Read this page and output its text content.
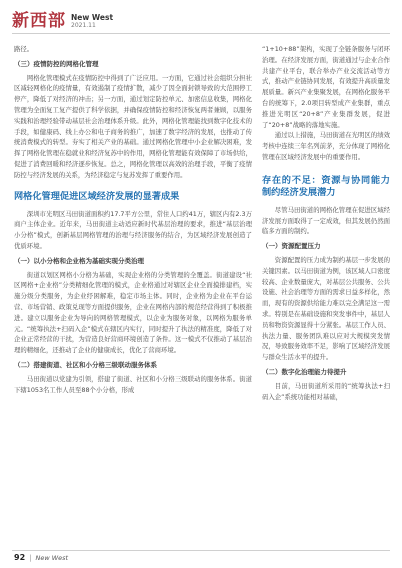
新西部 New West
2021.11

路径。

（三）疫情防控的网格化管理

网格化管理模式在疫情防控中得到了广泛应用。一方面，它通过社会组织分担社区减轻网格化的疫情量，有效遏制了疫情扩散，减少了因全面封锁导致的大范围停工停产，降低了对经济的冲击；另一方面，通过划定防控单元、加密信息收集，网格化管理为全面复工复产提供了科学依据，并确保疫情防控和经济恢复两者兼顾，以服务实践和治理经验带动基层社会治理体系升级。此外，网格化管理能找到数字化技术的手段，如健康码、线上办公和电子商务的推广，加速了数字经济的发展，也推动了传统消费模式的转型。夯实了相关产业的基础。通过网格化管理中小企业解决困难，发挥了网格化管理在稳就业和经济复苏中的作用，网格化管理能有效保障了市场供给，促进了消费回暖和经济逐步恢复。总之，网格化管理以高效的治理手段，平衡了疫情防控与经济发展的关系，为经济稳定与复苏发挥了重要作用。

网格化管理促进区域经济发展的显著成果

深圳市光明区马田街道面积约17.7平方公里，常住人口约41万，辖区内有2.3万商户主体企业。近年来，马田街道主动适应新时代基层治理的要求，推进“基层治理小分格”模式，创新基层网格管理的治理与经济服务的结合，为区域经济发展创造了优质环境。

（一）以小分格和企业格为基础实现分类治理

街道以划区网格小分格为基础，实现企业格的分类管理的全覆盖。街道建设“社区网格+企业格”分类精细化管理的模式，企业格通过对辖区企业全面摸排建档，实施分级分类服务，为企业纾困解难，稳定市场主体。同时，企业格为企业在平台运营、市场营销、政策兑现等方面提供服务，企业在网格内部的规范经营得到了积极推进。建立以服务企业为导向的网格管理模式，以企业为服务对象，以网格为服务单元。“统筹执法+扫码入企”模式在辖区内实行，同时提升了执法的精准度，降低了对企业正常经营的干扰，为营造良好营商环境创造了条件。这一模式不仅推动了基层治理的精细化，还推动了企业的健康成长，优化了营商环境。

（二）搭建街道、社区和小分格三级联动服务体系

马田街道以党建为引领，搭建了街道、社区和小分格三级联动的服务体系。街道下辖1053名工作人员至88个小分格，形成

“1+10+88”架构，实现了全链条服务与闭环治理。在经济发展方面，街道通过与企业合作共建产业平台，联合举办产业交流活动等方式，推动产业链协同发展，有效提升高质量发展质量。新兴产业集聚发展，在网格化服务平台的统筹下，2.0项目转型成产业集群，重点推进光明区“20+8”产业集群发展，促进了“20+8”战略的落地实施。

通过以上措施，马田街道在光明区的绩效考核中连续三年名列前茅，充分体现了网格化管理在区域经济发展中的重要作用。

存在的不足：资源与协同能力制约经济发展潜力

尽管马田街道的网格化管理在促进区域经济发展方面取得了一定成效，但其发展仍然面临多方面的制约。

（一）资源配置压力

资源配置的压力成为制约基层一步发展的关键因素。以马田街道为例，该区域人口密度较高、企业数量庞大，对基层公共服务、公共设施、社会治理等方面的需求日益多样化，然而，现有的资源供给能力难以完全满足这一需求。特别是在基础设施和突发事件中，基层人员和物资资源显得十分紧张。基层工作人员、执法力量、服务团队难以应对大规模突发情况，导致服务效率不足，影响了区域经济发展与群众生活水平的提升。

（二）数字化治理能力待提升

目前，马田街道所采用的“统筹执法+扫码入企”系统功能相对基础，

92 | New West
